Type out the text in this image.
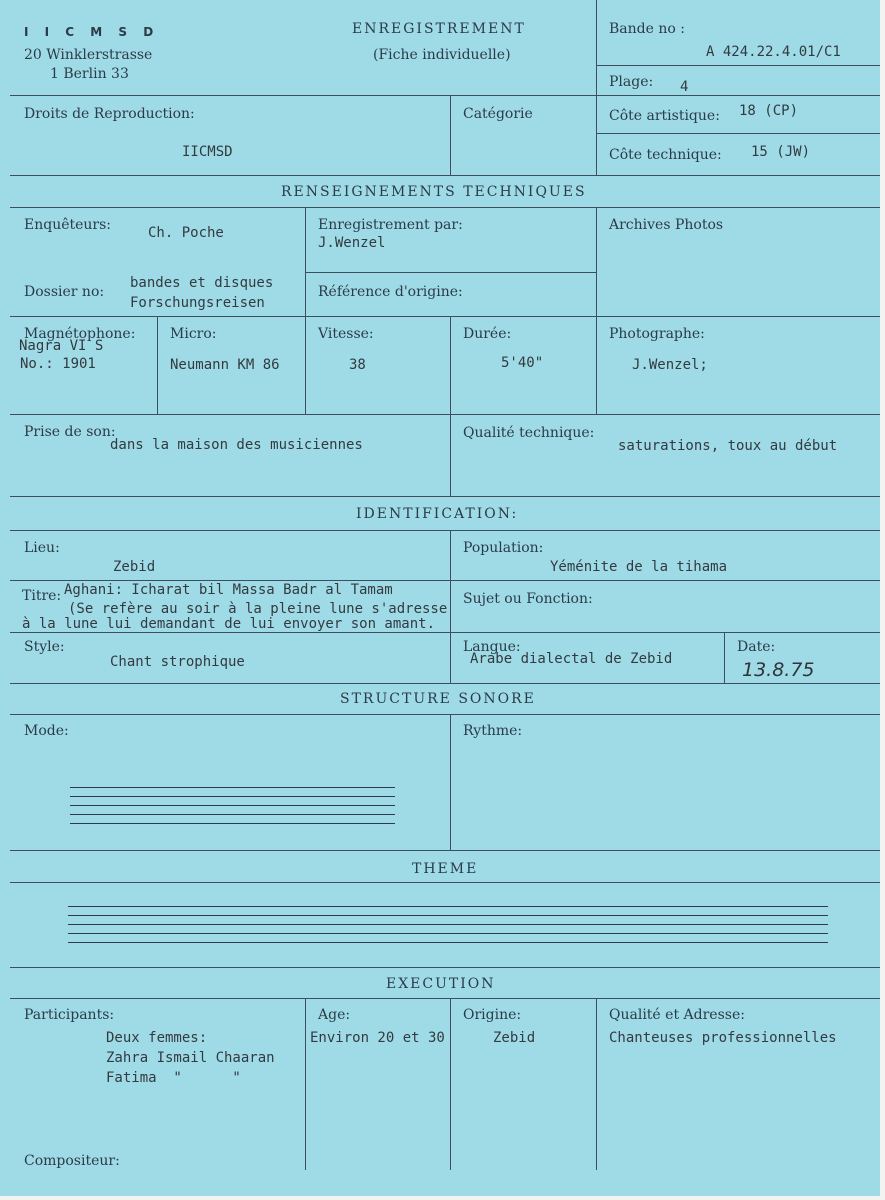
I I C M S D
20 Winklerstrasse
1 Berlin 33
ENREGISTREMENT
(Fiche individuelle)
Bande no :
A 424.22.4.01/C1
Plage: 4
Droits de Reproduction:
IICMSD
Catégorie	Côte artistique: 18 (CP)
Côte technique: 15 (JW)
RENSEIGNEMENTS TECHNIQUES
Enquêteurs:	Ch. Poche	Enregistrement par:
J.Wenzel
Archives Photos
Dossier no:
bandes et disques
Forschungsreisen
Référence d'origine:
Magnétophone:
Nagra VI S
No.: 1901
Micro:
Neumann KM 86
Vitesse:
38
Durée:
5'40"
Photographe:
J.Wenzel;
Prise de son:
dans la maison des musiciennes
Qualité technique:
saturations, toux au début
IDENTIFICATION:
Lieu:
Zebid
Population:
Yéménite de la tihama
Titre: Aghani: Icharat bil Massa Badr al Tamam
(Se refère au soir à la pleine lune s'adresse
à la lune lui demandant de lui envoyer son amant.
Sujet ou Fonction:
Style:
Chant strophique
Langue:
Arabe dialectal de Zebid
Date:
13.8.75
STRUCTURE SONORE
Mode:	Rythme:
THEME
EXECUTION
Participants:
Deux femmes:
Zahra Ismail Chaaran
Fatima  "      "
Age:
Environ 20 et 30
Origine:
Zebid
Qualité et Adresse:
Chanteuses professionnelles
Compositeur:
